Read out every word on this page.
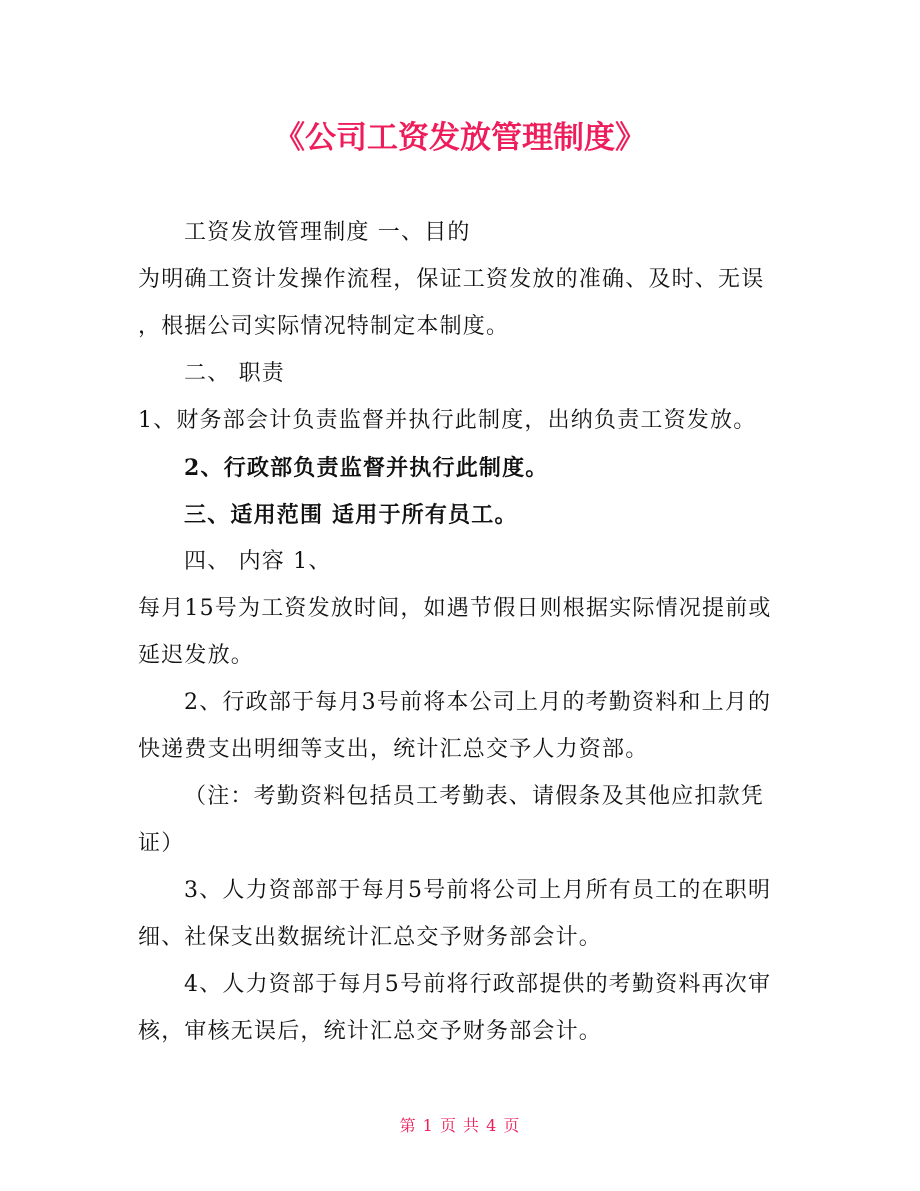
《公司工资发放管理制度》
工资发放管理制度 一、目的
为明确工资计发操作流程，保证工资发放的准确、及时、无误
，根据公司实际情况特制定本制度。
二、 职责
1、财务部会计负责监督并执行此制度，出纳负责工资发放。
2、行政部负责监督并执行此制度。
三、适用范围 适用于所有员工。
四、 内容 1、
每月15号为工资发放时间，如遇节假日则根据实际情况提前或
延迟发放。
2、行政部于每月3号前将本公司上月的考勤资料和上月的
快递费支出明细等支出，统计汇总交予人力资部。
（注：考勤资料包括员工考勤表、请假条及其他应扣款凭
证）
3、人力资部部于每月5号前将公司上月所有员工的在职明
细、社保支出数据统计汇总交予财务部会计。
4、人力资部于每月5号前将行政部提供的考勤资料再次审
核，审核无误后，统计汇总交予财务部会计。
第 1 页 共 4 页
